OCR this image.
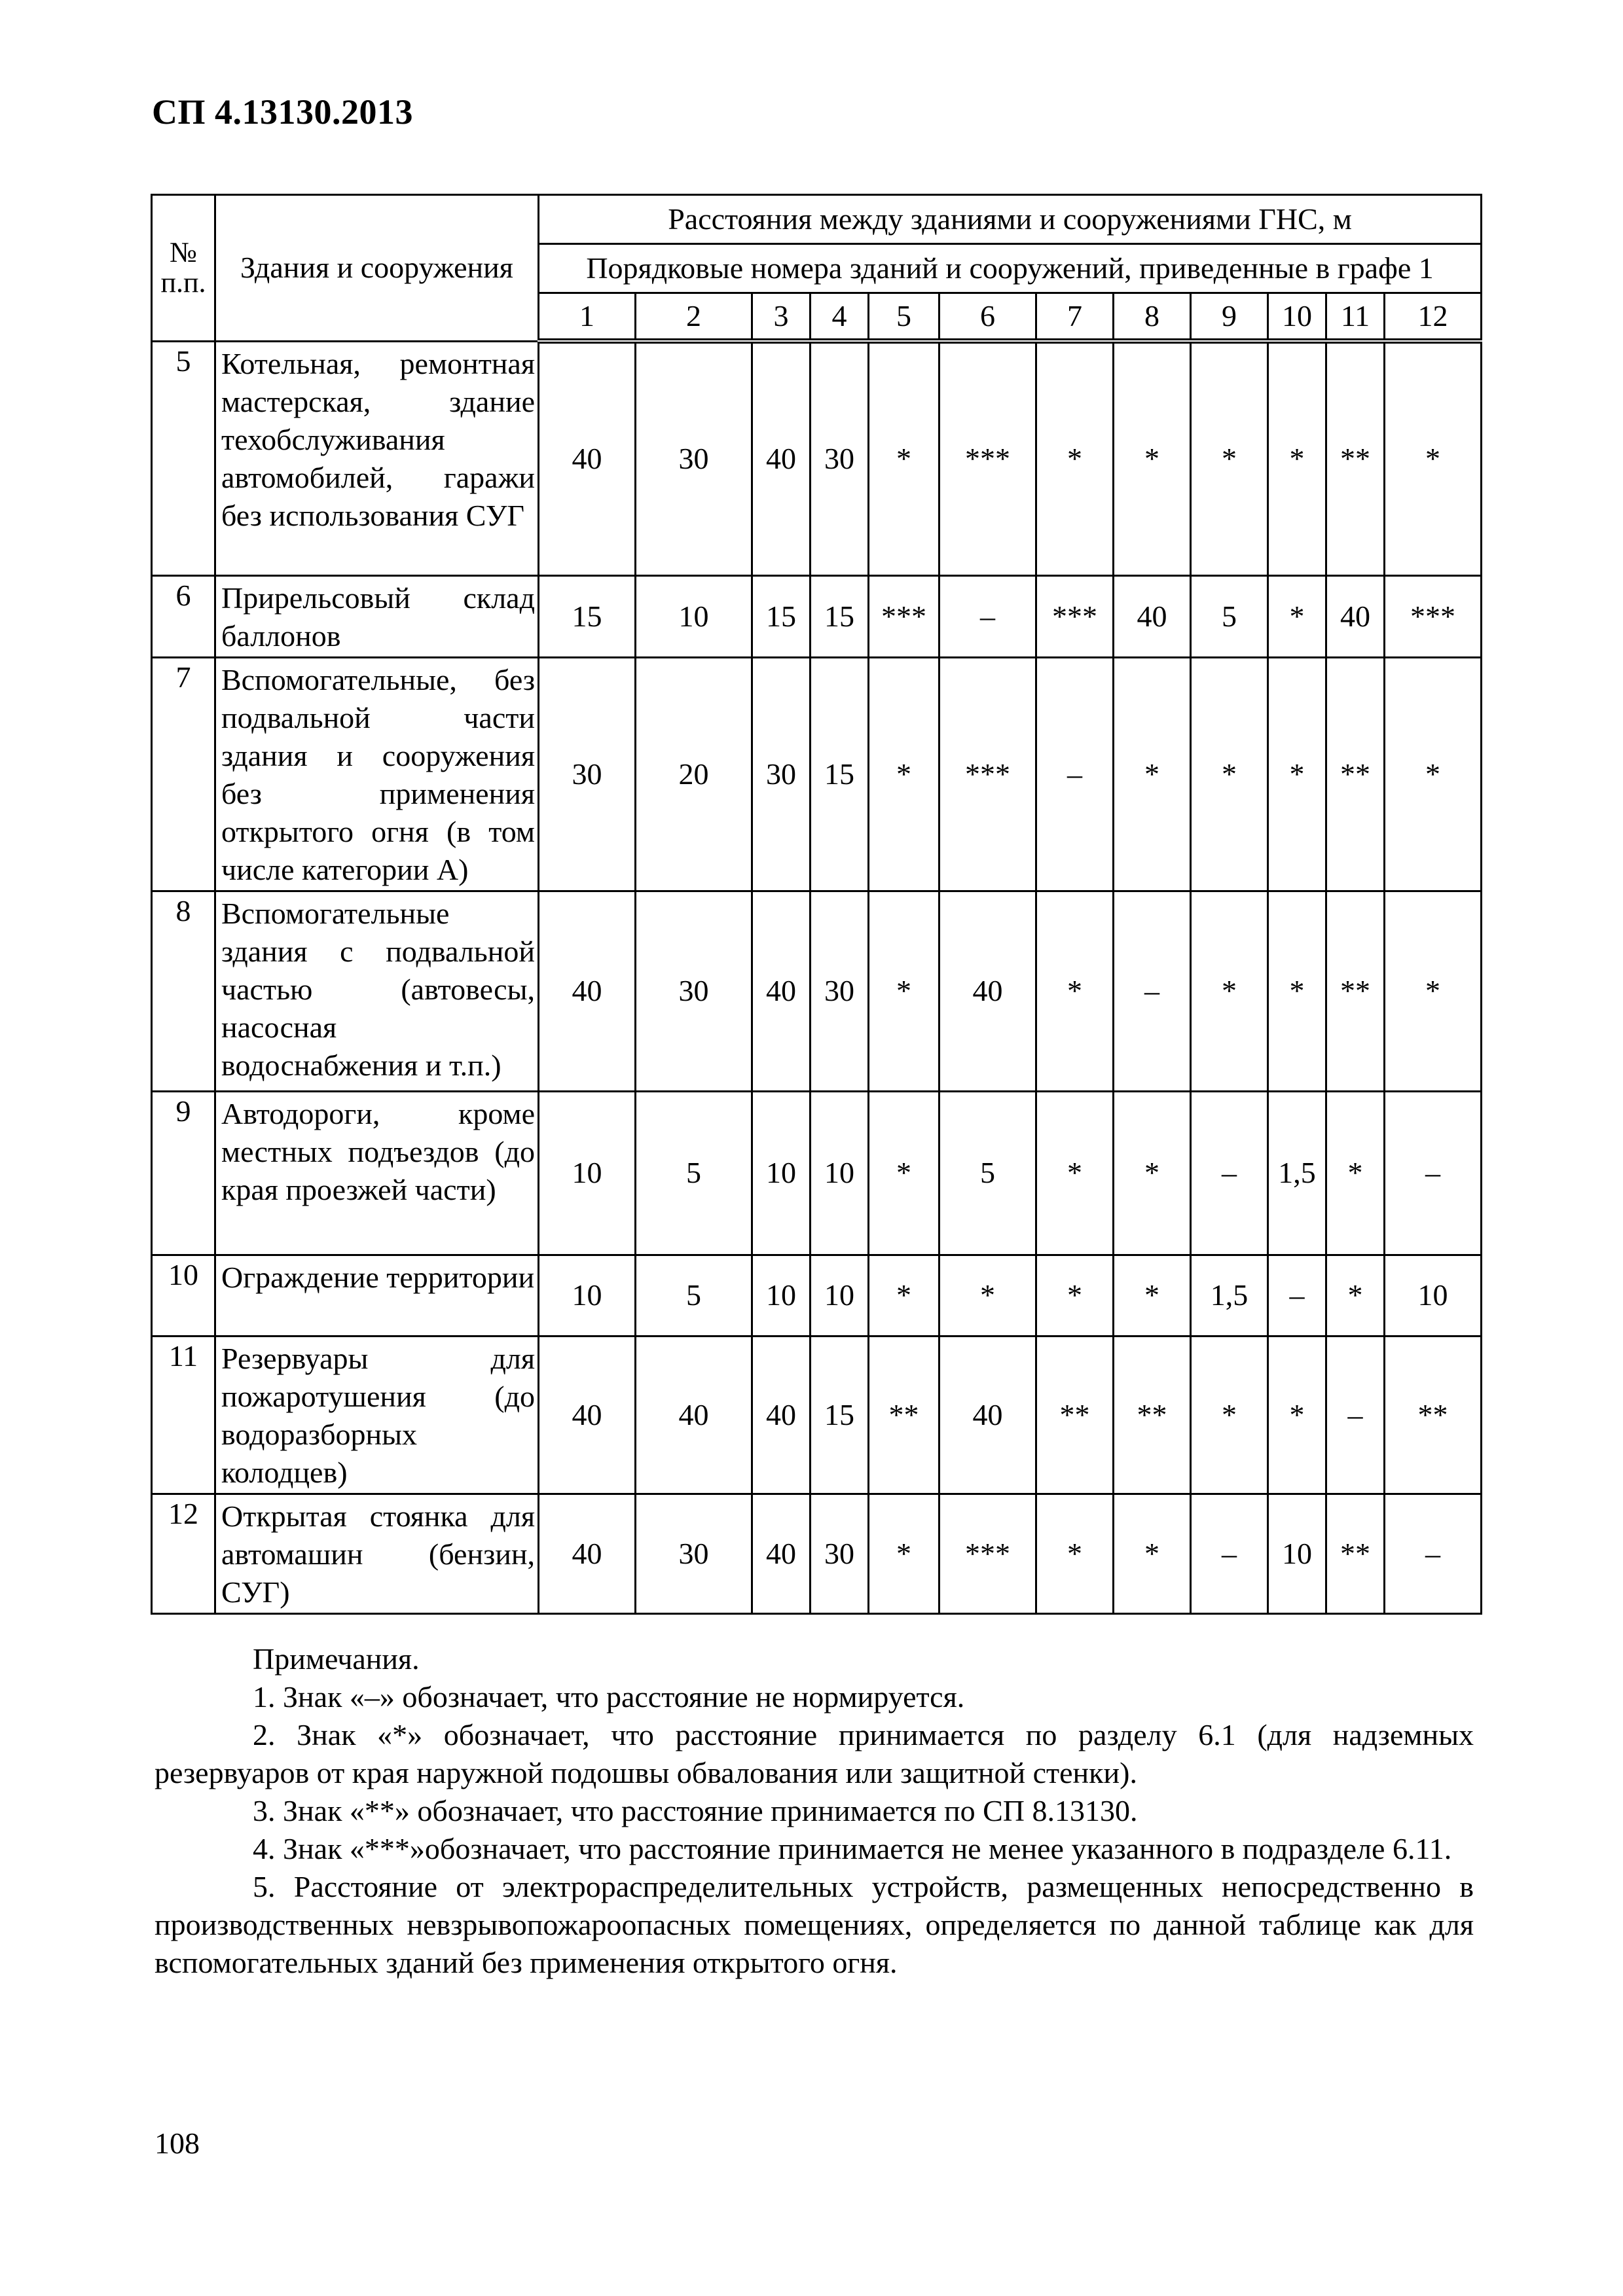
СП 4.13130.2013
№ п.п.	Здания и сооружения	Расстояния между зданиями и сооружениями ГНС, м											
		Порядковые номера зданий и сооружений, приведенные в графе 1											
		1	2	3	4	5	6	7	8	9	10	11	12
5	Котельная, ремонтная мастерская, здание техобслуживания автомобилей, гаражи без использования СУГ	40	30	40	30	*	***	*	*	*	*	**	*
6	Прирельсовый склад баллонов	15	10	15	15	***	–	***	40	5	*	40	***
7	Вспомогательные, без подвальной части здания и сооружения без применения открытого огня (в том числе категории А)	30	20	30	15	*	***	–	*	*	*	**	*
8	Вспомогательные здания с подвальной частью (автовесы, насосная водоснабжения и т.п.)	40	30	40	30	*	40	*	–	*	*	**	*
9	Автодороги, кроме местных подъездов (до края проезжей части)	10	5	10	10	*	5	*	*	–	1,5	*	–
10	Ограждение территории	10	5	10	10	*	*	*	*	1,5	–	*	10
11	Резервуары для пожаротушения (до водоразборных колодцев)	40	40	40	15	**	40	**	**	*	*	–	**
12	Открытая стоянка для автомашин (бензин, СУГ)	40	30	40	30	*	***	*	*	–	10	**	–

Примечания.

1. Знак «–» обозначает, что расстояние не нормируется.

2. Знак «*» обозначает, что расстояние принимается по разделу 6.1 (для надземных резервуаров от края наружной подошвы обвалования или защитной стенки).

3. Знак «**» обозначает, что расстояние принимается по СП 8.13130.

4. Знак «***»обозначает, что расстояние принимается не менее указанного в подразделе 6.11.

5. Расстояние от электрораспределительных устройств, размещенных непосредственно в производственных невзрывопожароопасных помещениях, определяется по данной таблице как для вспомогательных зданий без применения открытого огня.

108
